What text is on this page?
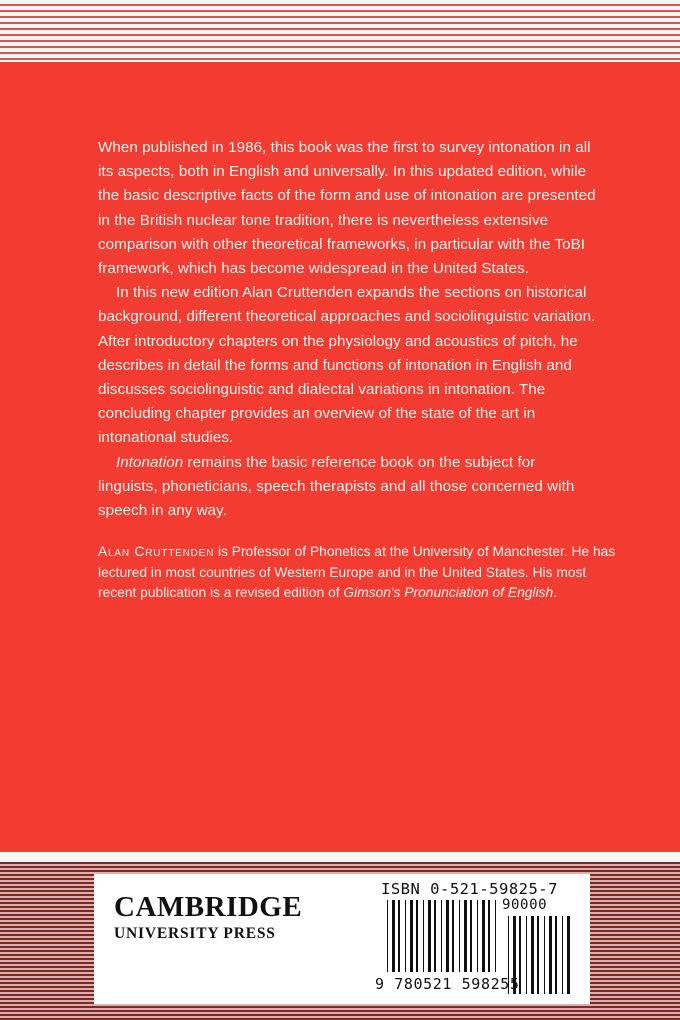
When published in 1986, this book was the first to survey intonation in all its aspects, both in English and universally. In this updated edition, while the basic descriptive facts of the form and use of intonation are presented in the British nuclear tone tradition, there is nevertheless extensive comparison with other theoretical frameworks, in particular with the ToBI framework, which has become widespread in the United States.

In this new edition Alan Cruttenden expands the sections on historical background, different theoretical approaches and sociolinguistic variation. After introductory chapters on the physiology and acoustics of pitch, he describes in detail the forms and functions of intonation in English and discusses sociolinguistic and dialectal variations in intonation. The concluding chapter provides an overview of the state of the art in intonational studies.

Intonation remains the basic reference book on the subject for linguists, phoneticians, speech therapists and all those concerned with speech in any way.

Alan Cruttenden is Professor of Phonetics at the University of Manchester. He has lectured in most countries of Western Europe and in the United States. His most recent publication is a revised edition of Gimson's Pronunciation of English.
CAMBRIDGE
UNIVERSITY PRESS
ISBN 0-521-59825-7
90000
9 780521 598255
